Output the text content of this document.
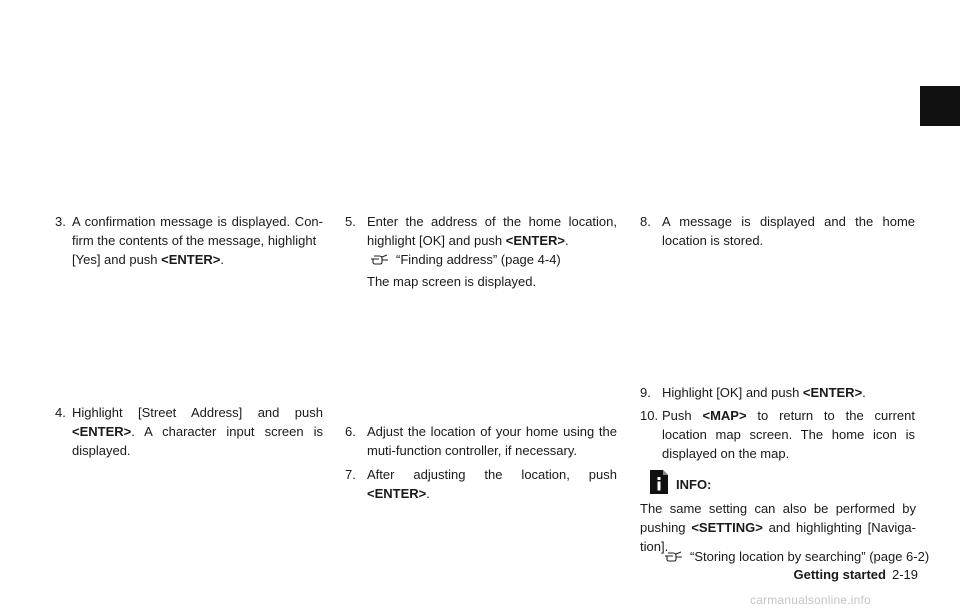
3. A confirmation message is displayed. Con-

firm the contents of the message, highlight

[Yes] and push <ENTER>.

4. Highlight [Street Address] and push

<ENTER>. A character input screen is

displayed.

5. Enter the address of the home location,

highlight [OK] and push <ENTER>.

“Finding address” (page 4-4)

The map screen is displayed.

6. Adjust the location of your home using the

muti-function controller, if necessary.

7. After adjusting the location, push

<ENTER>.

8. A message is displayed and the home

location is stored.

9. Highlight [OK] and push <ENTER>.

10. Push <MAP> to return to the current

location map screen. The home icon is

displayed on the map.

INFO:

The same setting can also be performed by

pushing <SETTING> and highlighting [Naviga-

tion].

“Storing location by searching” (page 6-2)
Getting started 2-19
carmanualsonline.info
